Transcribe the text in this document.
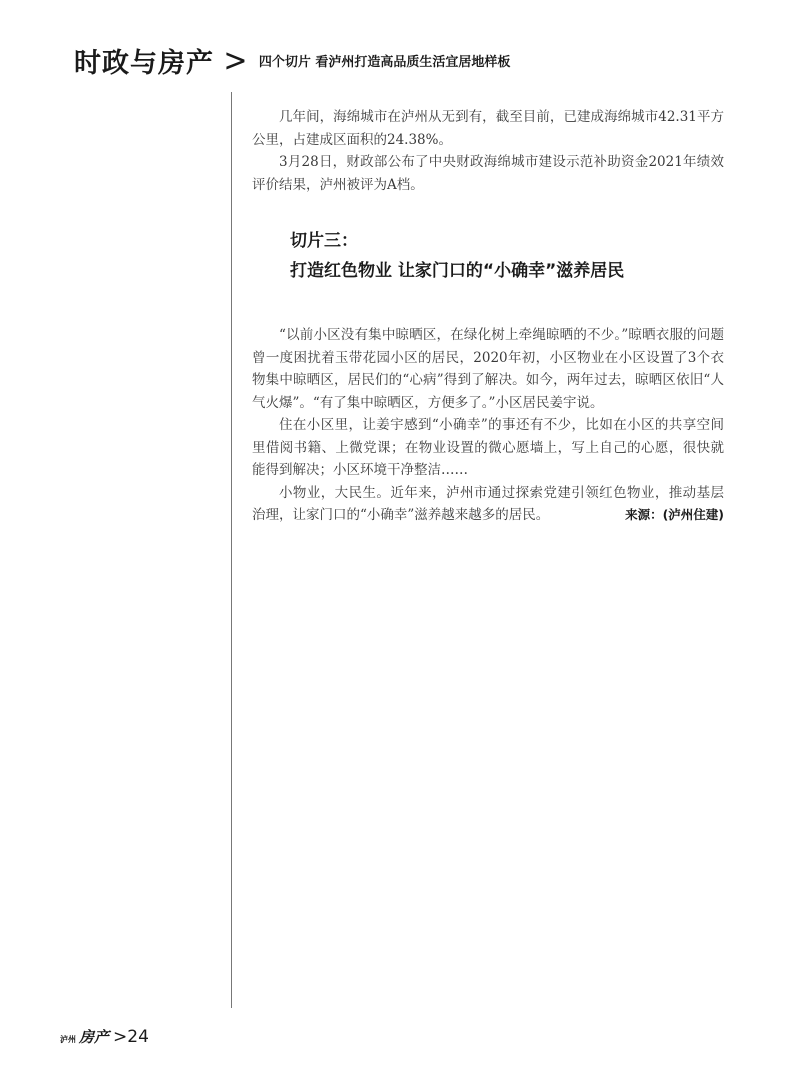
时政与房产 > 四个切片 看泸州打造高品质生活宜居地样板

几年间，海绵城市在泸州从无到有，截至目前，已建成海绵城市42.31平方公里，占建成区面积的24.38%。

3月28日，财政部公布了中央财政海绵城市建设示范补助资金2021年绩效评价结果，泸州被评为A档。

切片三：

打造红色物业 让家门口的“小确幸”滋养居民

“以前小区没有集中晾晒区，在绿化树上牵绳晾晒的不少。”晾晒衣服的问题曾一度困扰着玉带花园小区的居民，2020年初，小区物业在小区设置了3个衣物集中晾晒区，居民们的“心病”得到了解决。如今，两年过去，晾晒区依旧“人气火爆”。“有了集中晾晒区，方便多了。”小区居民姜宇说。

住在小区里，让姜宇感到“小确幸”的事还有不少，比如在小区的共享空间里借阅书籍、上微党课；在物业设置的微心愿墙上，写上自己的心愿，很快就能得到解决；小区环境干净整洁……

小物业，大民生。近年来，泸州市通过探索党建引领红色物业，推动基层治理，让家门口的“小确幸”滋养越来越多的居民。	来源：(泸州住建)

泸州 房产 >24
